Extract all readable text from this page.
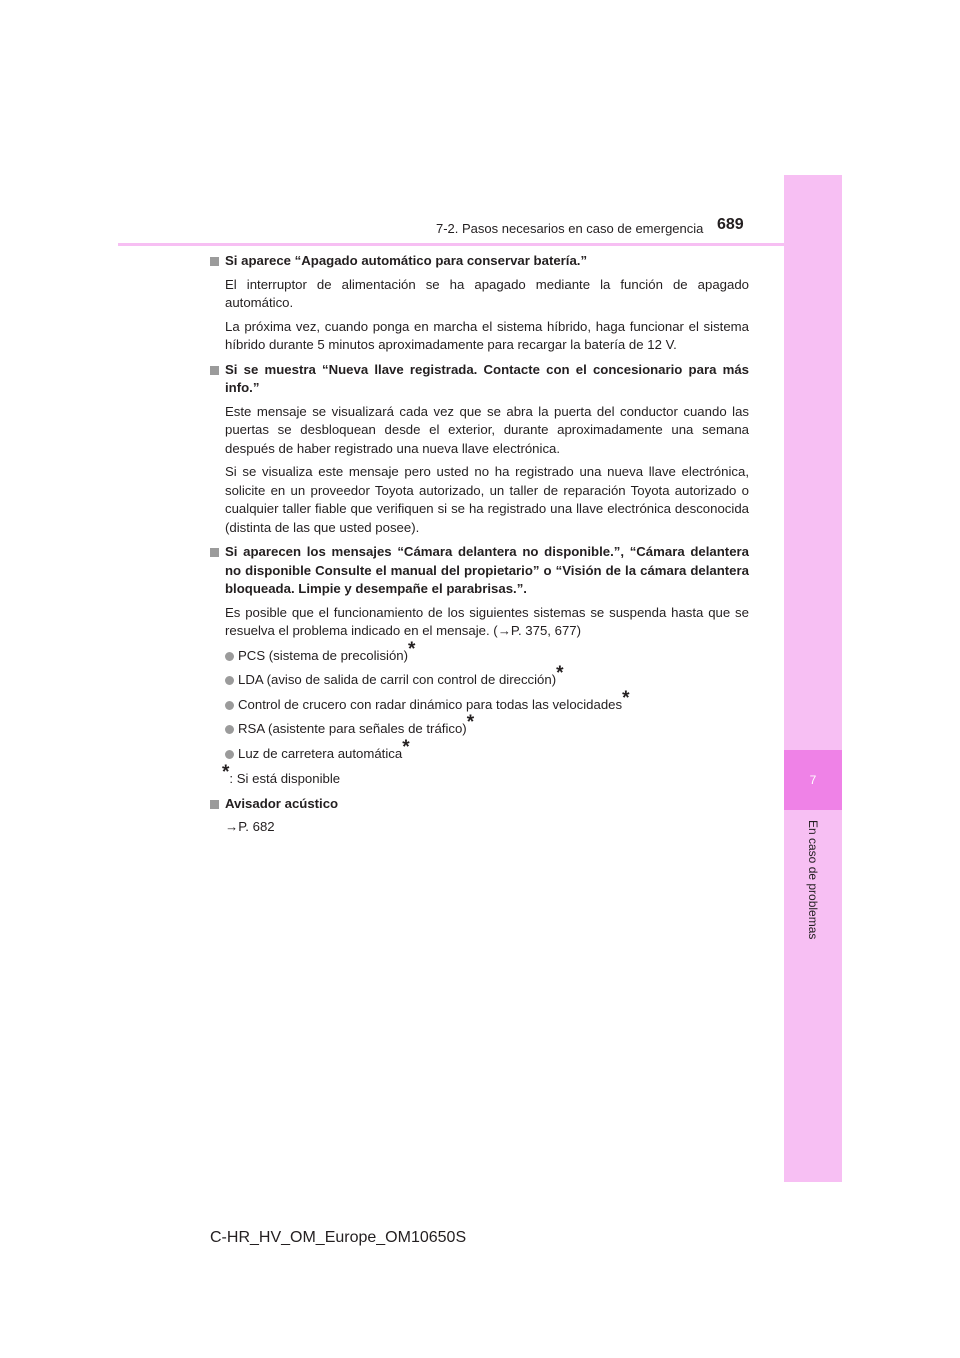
7
En caso de problemas
7-2. Pasos necesarios en caso de emergencia 689
Si aparece “Apagado automático para conservar batería.”
El interruptor de alimentación se ha apagado mediante la función de apagado automático.
La próxima vez, cuando ponga en marcha el sistema híbrido, haga funcionar el sistema híbrido durante 5 minutos aproximadamente para recargar la batería de 12 V.
Si se muestra “Nueva llave registrada. Contacte con el concesionario para más info.”
Este mensaje se visualizará cada vez que se abra la puerta del conductor cuando las puertas se desbloquean desde el exterior, durante aproximadamente una semana después de haber registrado una nueva llave electrónica.
Si se visualiza este mensaje pero usted no ha registrado una nueva llave electrónica, solicite en un proveedor Toyota autorizado, un taller de reparación Toyota autorizado o cualquier taller fiable que verifiquen si se ha registrado una llave electrónica desconocida (distinta de las que usted posee).
Si aparecen los mensajes “Cámara delantera no disponible.”, “Cámara delantera no disponible Consulte el manual del propietario” o “Visión de la cámara delantera bloqueada. Limpie y desempañe el parabrisas.”.
Es posible que el funcionamiento de los siguientes sistemas se suspenda hasta que se resuelva el problema indicado en el mensaje. (→P. 375, 677)
PCS (sistema de precolisión)*
LDA (aviso de salida de carril con control de dirección)*
Control de crucero con radar dinámico para todas las velocidades*
RSA (asistente para señales de tráfico)*
Luz de carretera automática*
*: Si está disponible
Avisador acústico
→P. 682
C-HR_HV_OM_Europe_OM10650S
